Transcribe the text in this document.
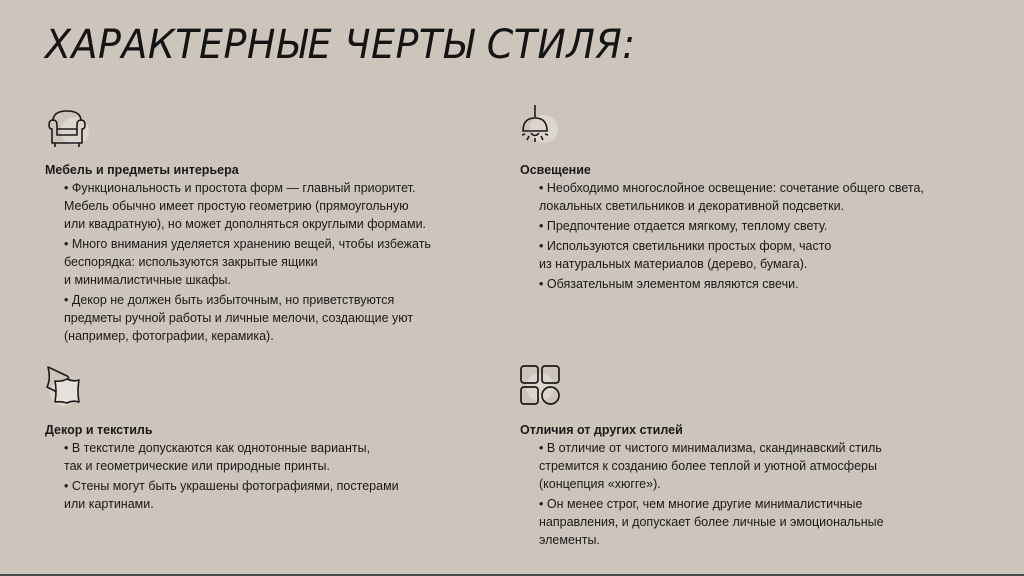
ХАРАКТЕРНЫЕ ЧЕРТЫ СТИЛЯ:
Мебель и предметы интерьера
• Функциональность и простота форм — главный приоритет.
Мебель обычно имеет простую геометрию (прямоугольную
или квадратную), но может дополняться округлыми формами.
• Много внимания уделяется хранению вещей, чтобы избежать
беспорядка: используются закрытые ящики
и минималистичные шкафы.
• Декор не должен быть избыточным, но приветствуются
предметы ручной работы и личные мелочи, создающие уют
(например, фотографии, керамика).
Освещение
• Необходимо многослойное освещение: сочетание общего света,
локальных светильников и декоративной подсветки.
• Предпочтение отдается мягкому, теплому свету.
• Используются светильники простых форм, часто
из натуральных материалов (дерево, бумага).
• Обязательным элементом являются свечи.
Декор и текстиль
• В текстиле допускаются как однотонные варианты,
так и геометрические или природные принты.
• Стены могут быть украшены фотографиями, постерами
или картинами.
Отличия от других стилей
• В отличие от чистого минимализма, скандинавский стиль
стремится к созданию более теплой и уютной атмосферы
(концепция «хюгге»).
• Он менее строг, чем многие другие минималистичные
направления, и допускает более личные и эмоциональные
элементы.
